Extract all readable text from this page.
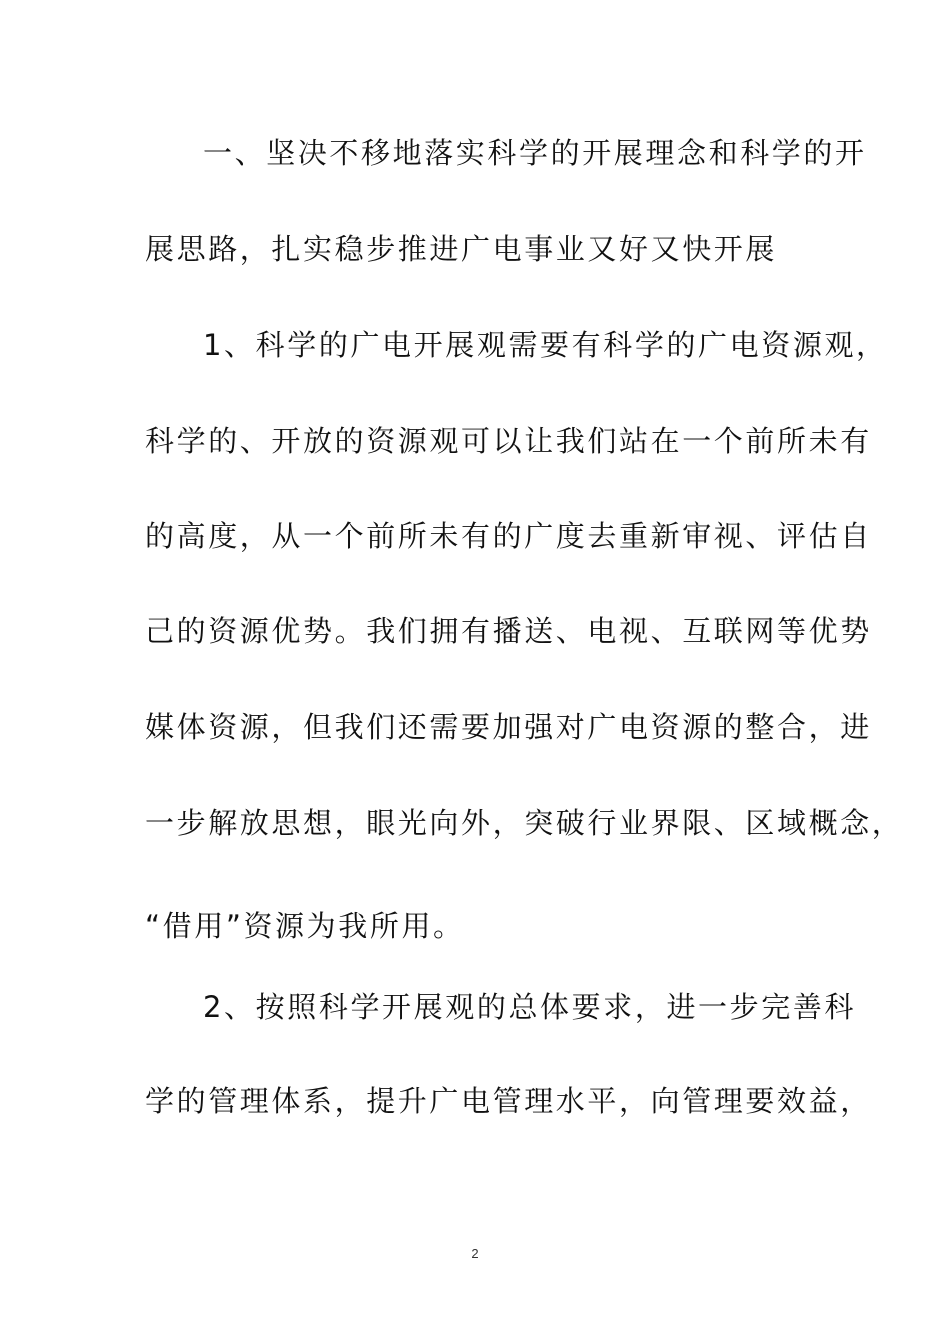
一、坚决不移地落实科学的开展理念和科学的开
展思路，扎实稳步推进广电事业又好又快开展
1、科学的广电开展观需要有科学的广电资源观，
科学的、开放的资源观可以让我们站在一个前所未有
的高度，从一个前所未有的广度去重新审视、评估自
己的资源优势。我们拥有播送、电视、互联网等优势
媒体资源，但我们还需要加强对广电资源的整合，进
一步解放思想，眼光向外，突破行业界限、区域概念，
“借用”资源为我所用。
2、按照科学开展观的总体要求，进一步完善科
学的管理体系，提升广电管理水平，向管理要效益，
2
